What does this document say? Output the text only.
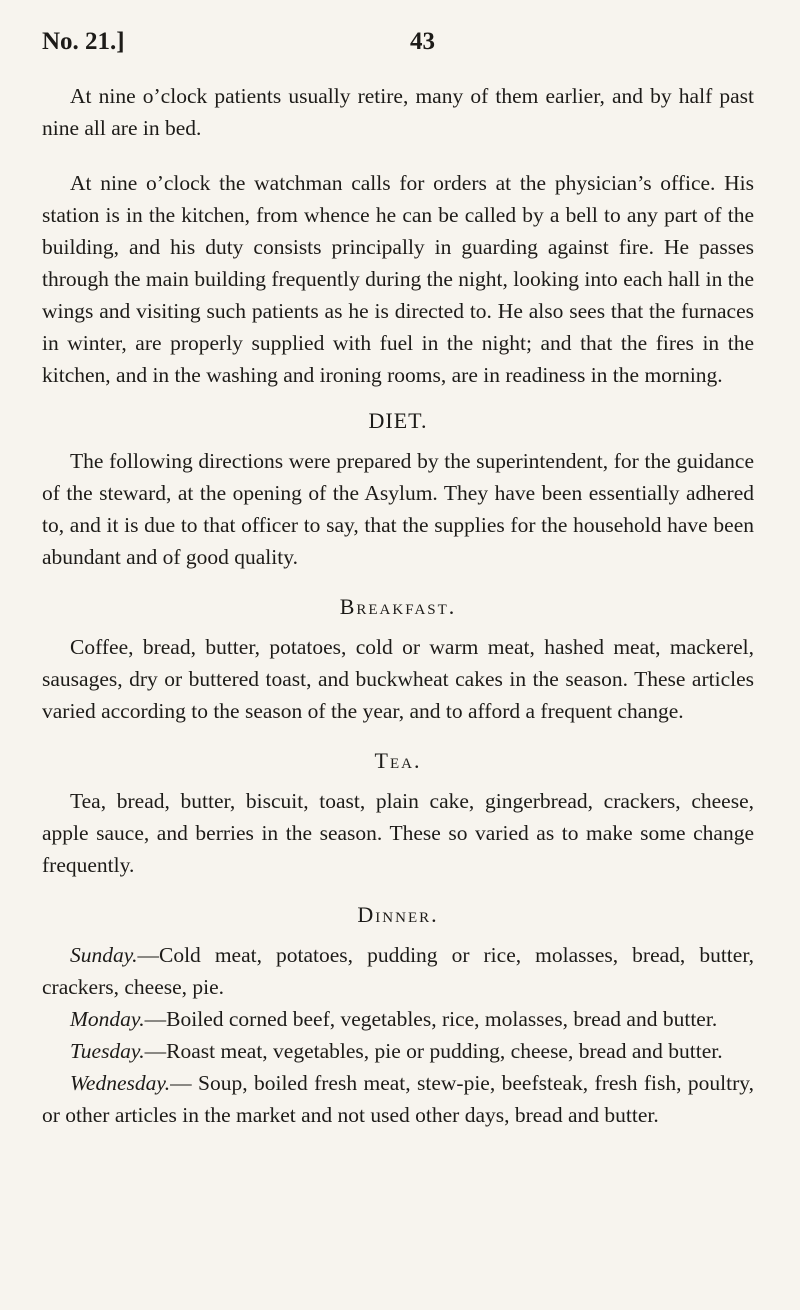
No. 21.]	43

At nine o’clock patients usually retire, many of them earlier, and by half past nine all are in bed.

At nine o’clock the watchman calls for orders at the physician’s office. His station is in the kitchen, from whence he can be called by a bell to any part of the building, and his duty consists principally in guarding against fire. He passes through the main building frequently during the night, looking into each hall in the wings and visiting such patients as he is directed to. He also sees that the furnaces in winter, are properly supplied with fuel in the night; and that the fires in the kitchen, and in the washing and ironing rooms, are in readiness in the morning.

DIET.

The following directions were prepared by the superintendent, for the guidance of the steward, at the opening of the Asylum. They have been essentially adhered to, and it is due to that officer to say, that the supplies for the household have been abundant and of good quality.

Breakfast.

Coffee, bread, butter, potatoes, cold or warm meat, hashed meat, mackerel, sausages, dry or buttered toast, and buckwheat cakes in the season. These articles varied according to the season of the year, and to afford a frequent change.

Tea.

Tea, bread, butter, biscuit, toast, plain cake, gingerbread, crackers, cheese, apple sauce, and berries in the season. These so varied as to make some change frequently.

Dinner.

Sunday.—Cold meat, potatoes, pudding or rice, molasses, bread, butter, crackers, cheese, pie.

Monday.—Boiled corned beef, vegetables, rice, molasses, bread and butter.

Tuesday.—Roast meat, vegetables, pie or pudding, cheese, bread and butter.

Wednesday.— Soup, boiled fresh meat, stew-pie, beefsteak, fresh fish, poultry, or other articles in the market and not used other days, bread and butter.
